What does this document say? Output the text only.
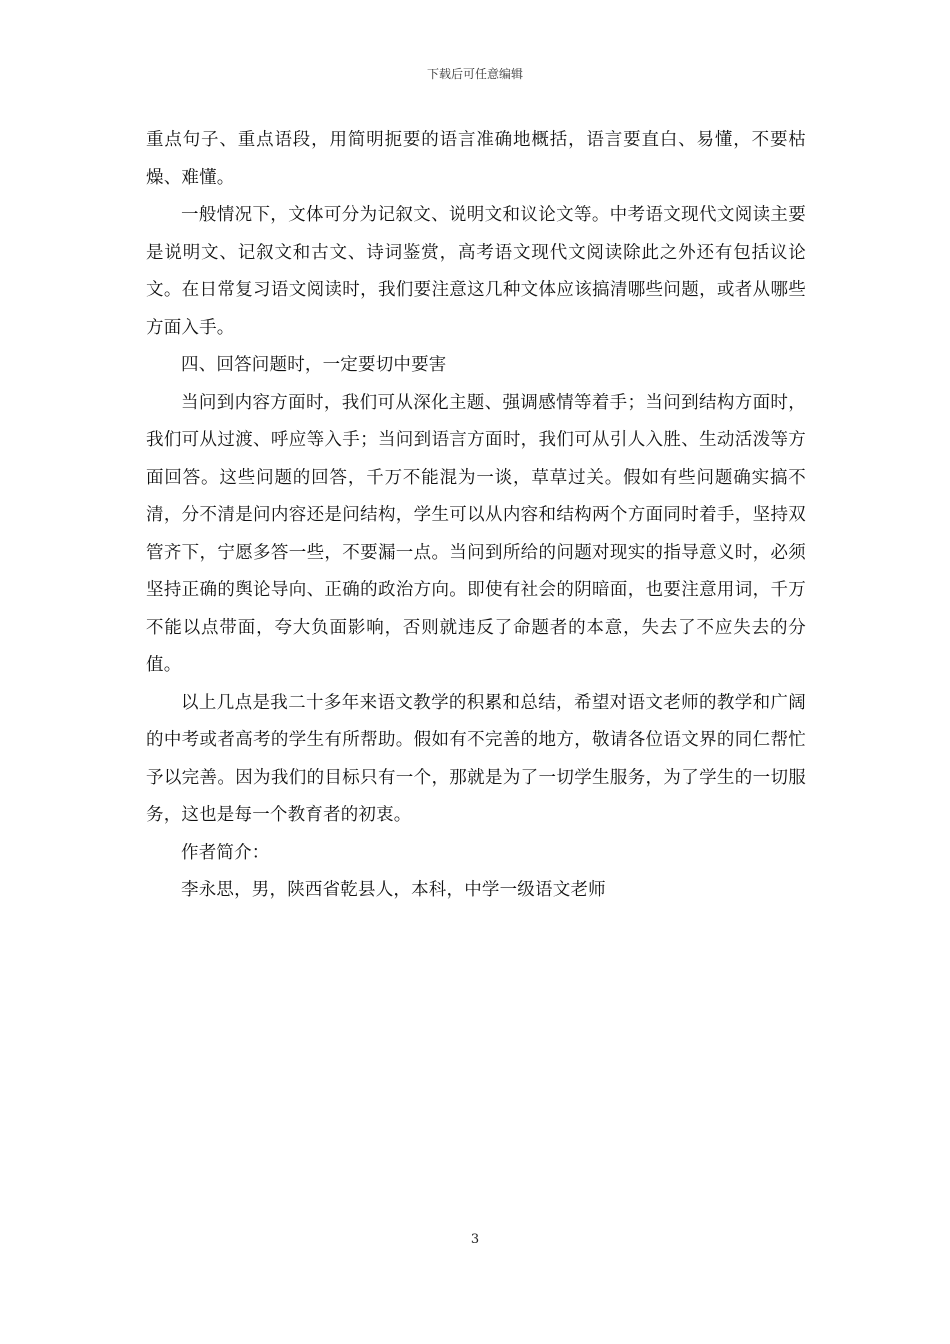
下载后可任意编辑

重点句子、重点语段，用简明扼要的语言准确地概括，语言要直白、易懂，不要枯燥、难懂。

一般情况下，文体可分为记叙文、说明文和议论文等。中考语文现代文阅读主要是说明文、记叙文和古文、诗词鉴赏，高考语文现代文阅读除此之外还有包括议论文。在日常复习语文阅读时，我们要注意这几种文体应该搞清哪些问题，或者从哪些方面入手。

四、回答问题时，一定要切中要害

当问到内容方面时，我们可从深化主题、强调感情等着手；当问到结构方面时，我们可从过渡、呼应等入手；当问到语言方面时，我们可从引人入胜、生动活泼等方面回答。这些问题的回答，千万不能混为一谈，草草过关。假如有些问题确实搞不清，分不清是问内容还是问结构，学生可以从内容和结构两个方面同时着手，坚持双管齐下，宁愿多答一些，不要漏一点。当问到所给的问题对现实的指导意义时，必须坚持正确的舆论导向、正确的政治方向。即使有社会的阴暗面，也要注意用词，千万不能以点带面，夸大负面影响，否则就违反了命题者的本意，失去了不应失去的分值。

以上几点是我二十多年来语文教学的积累和总结，希望对语文老师的教学和广阔的中考或者高考的学生有所帮助。假如有不完善的地方，敬请各位语文界的同仁帮忙予以完善。因为我们的目标只有一个，那就是为了一切学生服务，为了学生的一切服务，这也是每一个教育者的初衷。

作者简介：

李永思，男，陕西省乾县人，本科，中学一级语文老师

3
